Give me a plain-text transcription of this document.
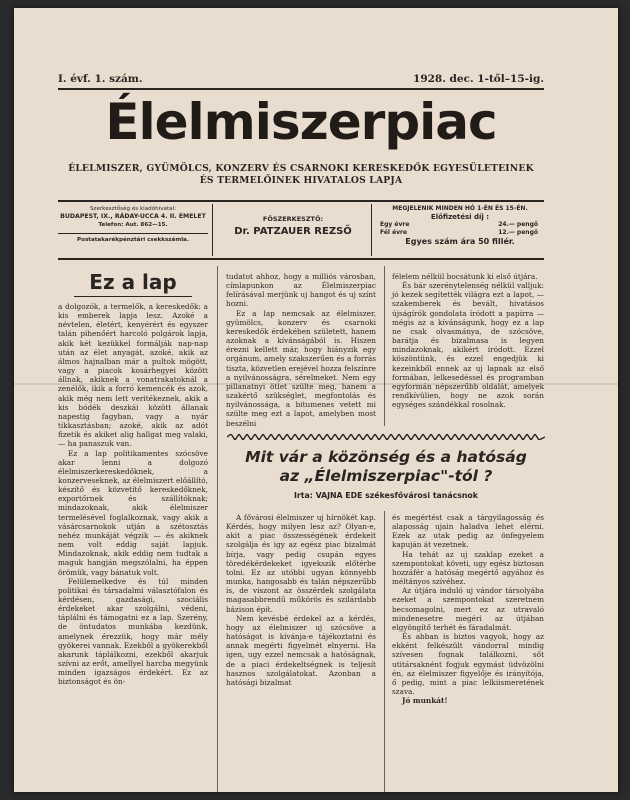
I. évf. 1. szám.	1928. dec. 1-től–15-ig.
Élelmiszerpiac
ÉLELMISZER, GYÜMÖLCS, KONZERV ÉS CSARNOKI KERESKEDŐK EGYESÜLETEINEK
ÉS TERMELŐINEK HIVATALOS LAPJA
Szerkesztőség és kiadóhivatal:
BUDAPEST, IX., RÁDAY-UCCA 4. II. EMELET
Telefon: Aut. 862—15.
Postatakarékpénztári csekkszámla.
FŐSZERKESZTŐ:
Dr. PATZAUER REZSŐ
MEGJELENIK MINDEN HÓ 1-ÉN ÉS 15-ÉN.
Előfizetési díj :
Egy évre	24.— pengő
Fél évre	12.— pengő
Egyes szám ára 50 fillér.
Ez a lap

a dolgozók, a termelők, a kereskedők: a kis emberek lapja lesz. Azoké a névtelen, életért, kenyérért és egyszer talán pihenőért harcoló polgárok lapja, akik két kezükkel formálják nap-nap után az élet anyagát, azoké, akik az álmos hajnalban már a pultok mögött, vagy a piacok kosárhegyei között állnak, akiknek a vonatrakatoknál a zenélők, ikik a forró kemencék és azok, akik még nem lett veritékeznek, akik a kis bódék deszkái között állanak napestig fagyban, vagy a nyár tikkasztásban; azoké, akik az adót fizetik és akiket alig hallgat meg valaki, — ha panaszuk van.

Ez a lap politikamentes szócsöve akar lenni a dolgozó élelmiszerkereskedőknek, a konzerveseknek, az élelmiszert előállító, készítő és közvetítő kereskedőknek, exportőrnek és szállítóknak; mindazoknak, akik élelmiszer termelésével foglalkoznak, vagy akik a vásárcsarnokok utján a szétosztás nehéz munkáját végzik — és akiknek nem volt eddig saját lapjuk. Mindazoknak, akik eddig nem tudtak a maguk hangján megszólalni, ha éppen örömük, vagy bánatuk volt.

Felülemelkedve és túl minden politikai és társadalmi választófalon és kérdésen, gazdasági, szociális érdekeket akar szolgálni, védeni, táplálni és támogatni ez a lap. Szerény, de öntudatos munkába kezdünk, amelynek érezzük, hogy már mély gyökerei vannak. Ezekből a gyökerekből akarunk táplálkozni, ezekből akarjuk szívni az erőt, amellyel harcba megyünk minden igazságos érdekért. Ez az biztonságot és ön-

tudatot ahhoz, hogy a milliós városban, címlapunkon az Élelmiszerpiac felírásával merjünk uj hangot és uj színt hozni.

Ez a lap nemcsak az élelmiszer, gyümölcs, konzerv és csarnoki kereskedők érdekében született, hanem azoknak a kívánságából is. Hiszen érezni kellett már, hogy hiányzik egy orgánum, amely szakszerűen és a forrás tiszta, közvetlen erejével hozza felszínre a nyilvánosságra, sérelmeket. Nem egy pillanatnyi ötlet szülte meg, hanem a szakértő szükséglet, megfontolás és nyilvánossága, a bitumenes vetett mi szülte meg ezt a lapot, amelyben most beszélni

félelem nélkül bocsátunk ki első útjára.

És bár szerénytelenség nélkül valljuk: jó kezek segítették világra ezt a lapot, — szakemberek és bevált, hivatásos újságírók gondolata íródott a papírra — mégis az a kívánságunk, hogy ez a lap ne csak olvasmánya, de szócsöve, barátja és bizalmasa is legyen mindazoknak, akikért íródott. Ezzel köszöntünk, és ezzel engedjük ki kezeinkből ennek az uj lapnak az első formában, lelkesedéssel és programban egyformán népszerűbb oldalát, amelyek rendkívülien, hogy ne azok során egységes szándékkal rosolnak.

Mit vár a közönség és a hatóság
az „Élelmiszerpiac"-tól ?
Irta: VAJNA EDE székesfővárosi tanácsnok

A fővárosi élelmiszer uj hírnökét kap. Kérdés, hogy milyen lesz az? Olyan-e, akit a piac összességének érdekeit szolgálja és igy az egész piac bizalmát bírja, vagy pedig csupán egyes töredékérdekeket igyekszik előtérbe tolni. Ez az utóbbi ugyan könnyebb munka, hangosabb és talán népszerűbb is, de viszont az összérdek szolgálata magasabbrendű műkörös és szilárdabb bázison épít.

Nem kevésbé érdekel az a kérdés, hogy az élelmiszer uj szócsöve a hatóságot is kívánja-e tájékoztatni és annak megérti figyelmét elnyerni. Ha igen, ugy ezzel nemcsak a hatóságnak, de a piaci érdekeltségnek is teljesít hasznos szolgálatokat. Azonban a hatósági bizalmat

és megértést csak a tárgyilagosság és alaposság ujain haladva lehet elérni. Ezek az utak pedig az önfegyelem kapuján át vezetnek.

Ha tehát az uj szaklap ezeket a szempontokat követi, ugy egész biztosan hozzáfér a hatóság megértő agyához és méltányos szívéhez.

Az útjára induló uj vándor társolyába ezeket a szempontokat szeretnem becsomagolni, mert ez az utravaló mindenesetre megéri az útjában elgyöngítő terhét és fáradalmát.

És abban is biztos vagyok, hogy az ekként felkészült vándorral mindig szívesen fognak találkozni, sőt utitársaknént fogjuk egymást üdvözölni én, az élelmiszer figyelője és irányítója, ő pedig, mint a piac lelkiismeretének szava.

Jó munkát!
